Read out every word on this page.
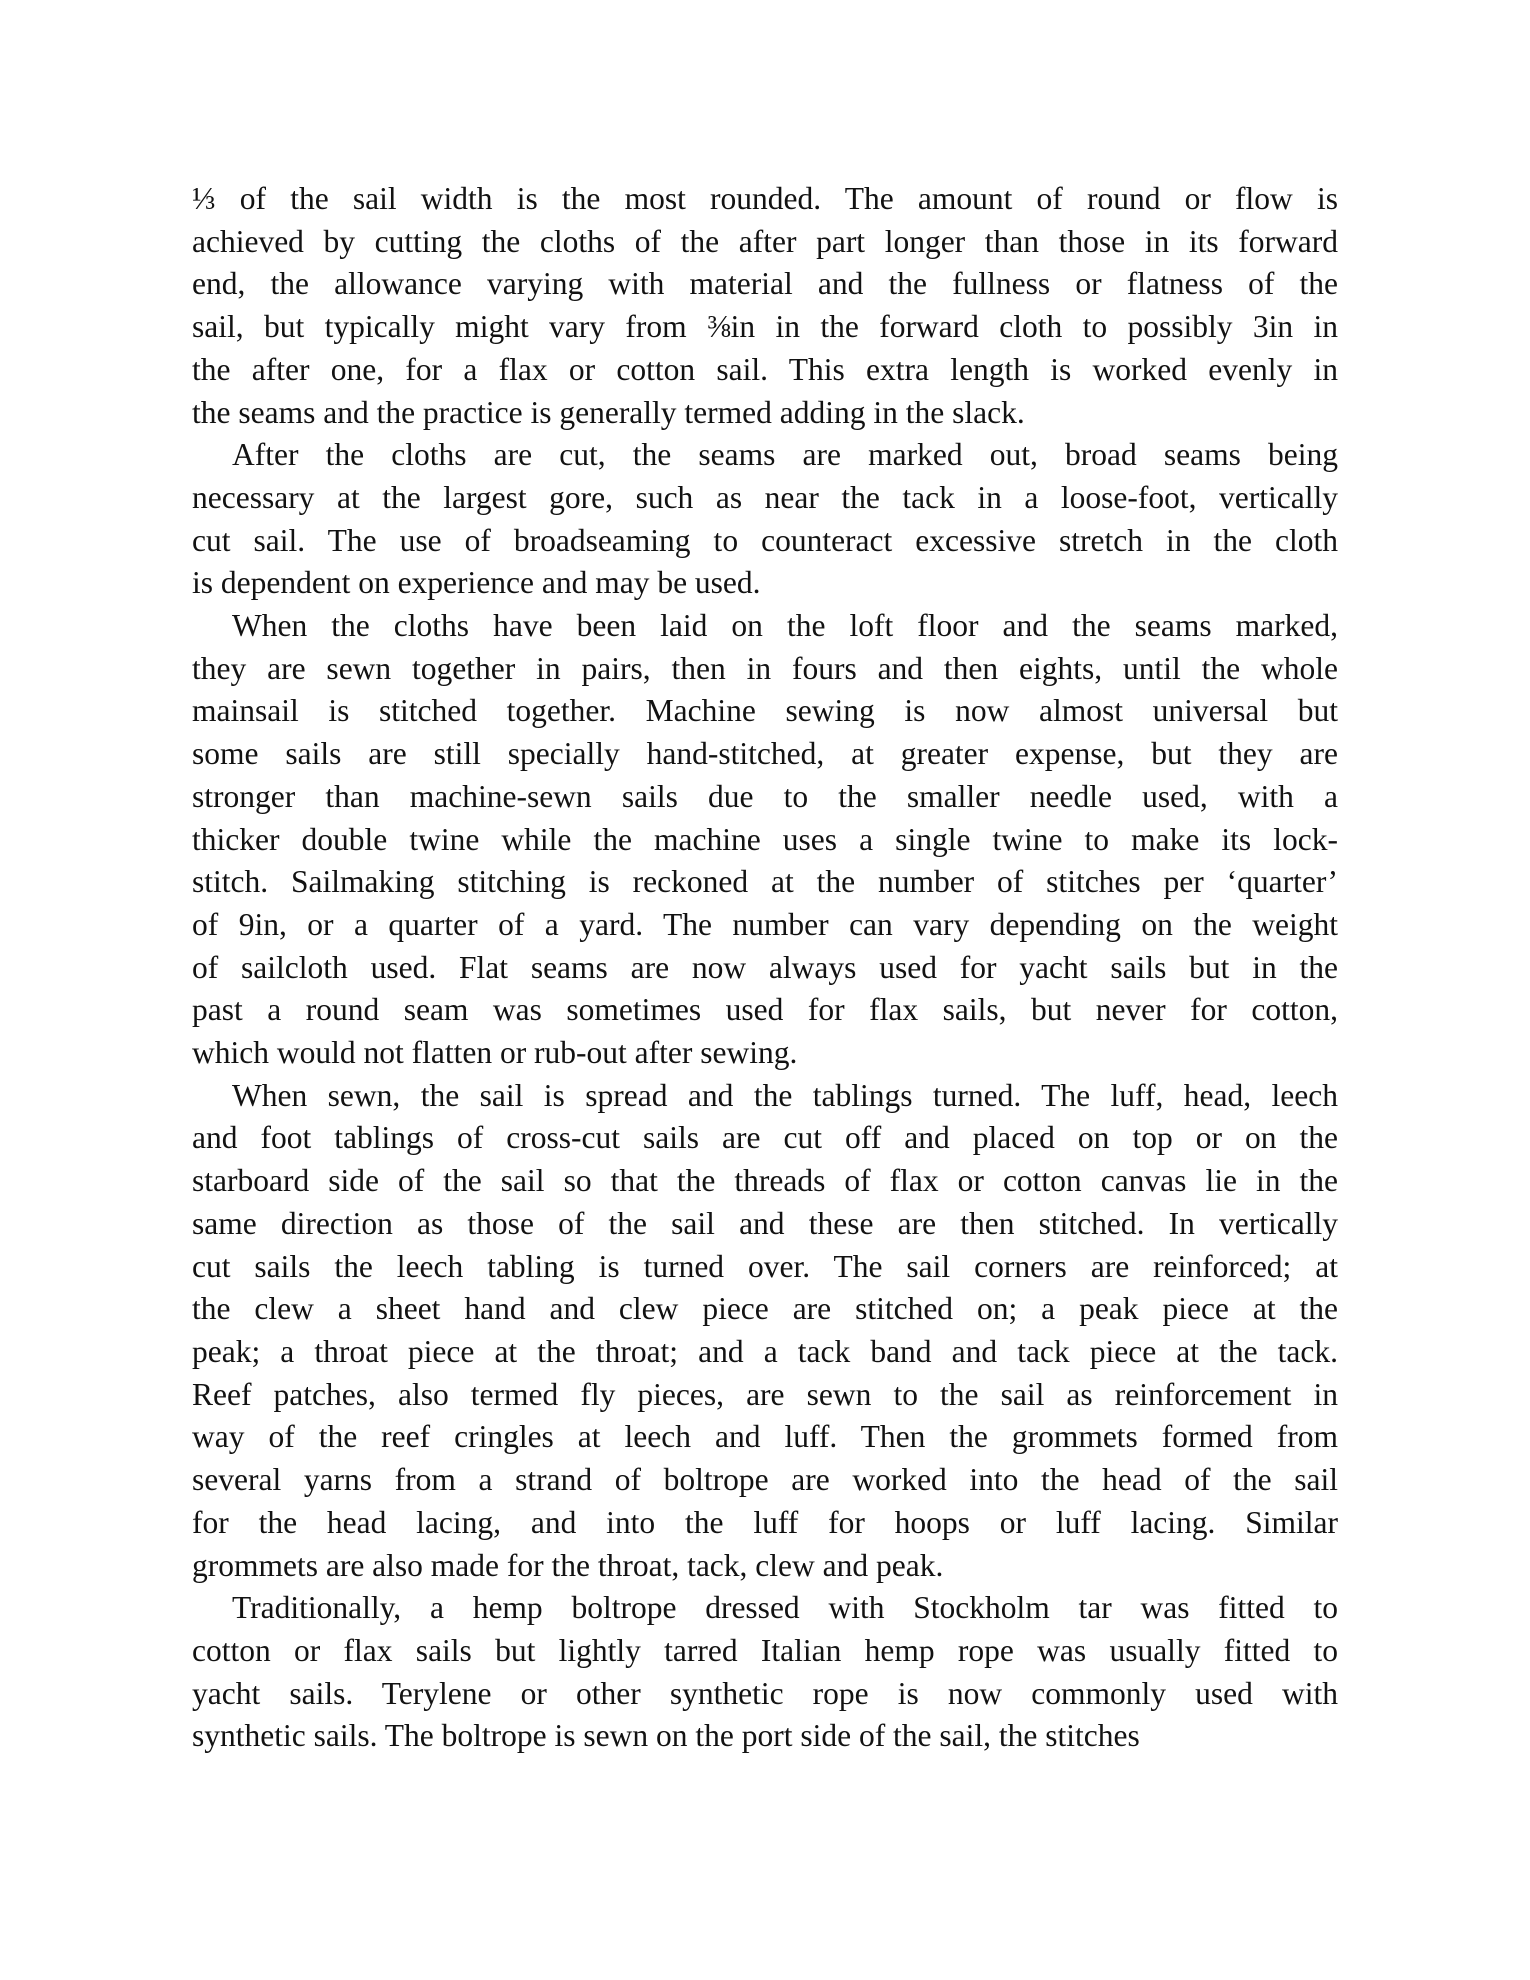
⅓ of the sail width is the most rounded. The amount of round or flow is
achieved by cutting the cloths of the after part longer than those in its forward
end, the allowance varying with material and the fullness or flatness of the
sail, but typically might vary from ⅜in in the forward cloth to possibly 3in in
the after one, for a flax or cotton sail. This extra length is worked evenly in
the seams and the practice is generally termed adding in the slack.

After the cloths are cut, the seams are marked out, broad seams being
necessary at the largest gore, such as near the tack in a loose-foot, vertically
cut sail. The use of broadseaming to counteract excessive stretch in the cloth
is dependent on experience and may be used.

When the cloths have been laid on the loft floor and the seams marked,
they are sewn together in pairs, then in fours and then eights, until the whole
mainsail is stitched together. Machine sewing is now almost universal but
some sails are still specially hand-stitched, at greater expense, but they are
stronger than machine-sewn sails due to the smaller needle used, with a
thicker double twine while the machine uses a single twine to make its lock-
stitch. Sailmaking stitching is reckoned at the number of stitches per ‘quarter’
of 9in, or a quarter of a yard. The number can vary depending on the weight
of sailcloth used. Flat seams are now always used for yacht sails but in the
past a round seam was sometimes used for flax sails, but never for cotton,
which would not flatten or rub-out after sewing.

When sewn, the sail is spread and the tablings turned. The luff, head, leech
and foot tablings of cross-cut sails are cut off and placed on top or on the
starboard side of the sail so that the threads of flax or cotton canvas lie in the
same direction as those of the sail and these are then stitched. In vertically
cut sails the leech tabling is turned over. The sail corners are reinforced; at
the clew a sheet hand and clew piece are stitched on; a peak piece at the
peak; a throat piece at the throat; and a tack band and tack piece at the tack.
Reef patches, also termed fly pieces, are sewn to the sail as reinforcement in
way of the reef cringles at leech and luff. Then the grommets formed from
several yarns from a strand of boltrope are worked into the head of the sail
for the head lacing, and into the luff for hoops or luff lacing. Similar
grommets are also made for the throat, tack, clew and peak.

Traditionally, a hemp boltrope dressed with Stockholm tar was fitted to
cotton or flax sails but lightly tarred Italian hemp rope was usually fitted to
yacht sails. Terylene or other synthetic rope is now commonly used with
synthetic sails. The boltrope is sewn on the port side of the sail, the stitches
